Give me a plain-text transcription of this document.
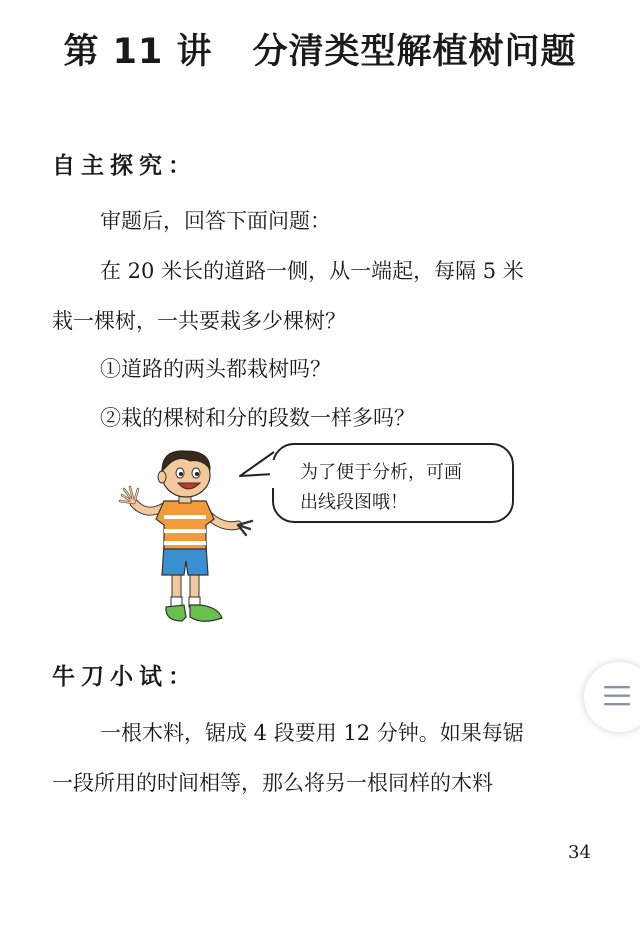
第 11 讲 分清类型解植树问题
自主探究：
审题后，回答下面问题：
在 20 米长的道路一侧，从一端起，每隔 5 米
栽一棵树，一共要栽多少棵树？
①道路的两头都栽树吗？
②栽的棵树和分的段数一样多吗？
为了便于分析，可画
出线段图哦！
牛刀小试：
一根木料，锯成 4 段要用 12 分钟。如果每锯
一段所用的时间相等，那么将另一根同样的木料
34
